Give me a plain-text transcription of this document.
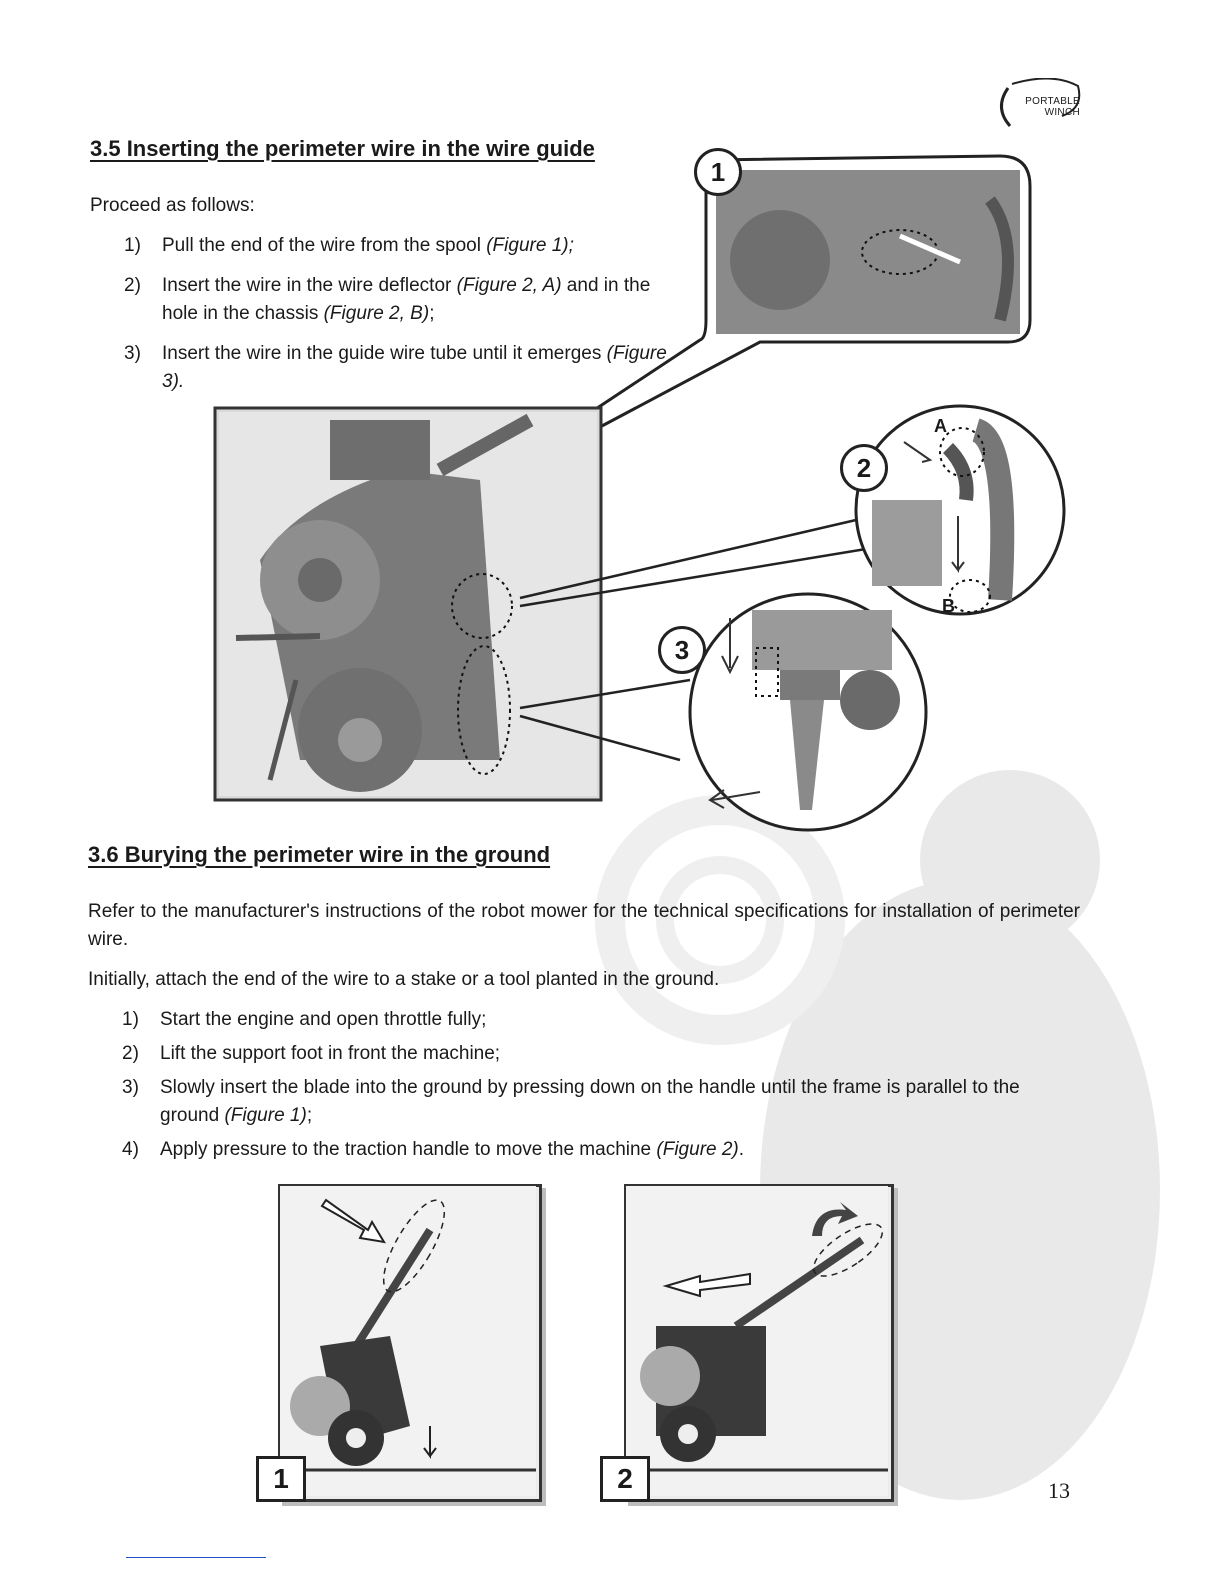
PORTABLE
WINCH
3.5 Inserting the perimeter wire in the wire guide

Proceed as follows:

1) Pull the end of the wire from the spool (Figure 1);
2) Insert the wire in the wire deflector (Figure 2, A) and in the hole in the chassis (Figure 2, B);
3) Insert the wire in the guide wire tube until it emerges (Figure 3).
1
2
3
A
B
3.6 Burying the perimeter wire in the ground

Refer to the manufacturer's instructions of the robot mower for the technical specifications for installation of perimeter wire.

Initially, attach the end of the wire to a stake or a tool planted in the ground.

1) Start the engine and open throttle fully;
2) Lift the support foot in front the machine;
3) Slowly insert the blade into the ground by pressing down on the handle until the frame is parallel to the ground (Figure 1);
4) Apply pressure to the traction handle to move the machine (Figure 2).
1	2	13
